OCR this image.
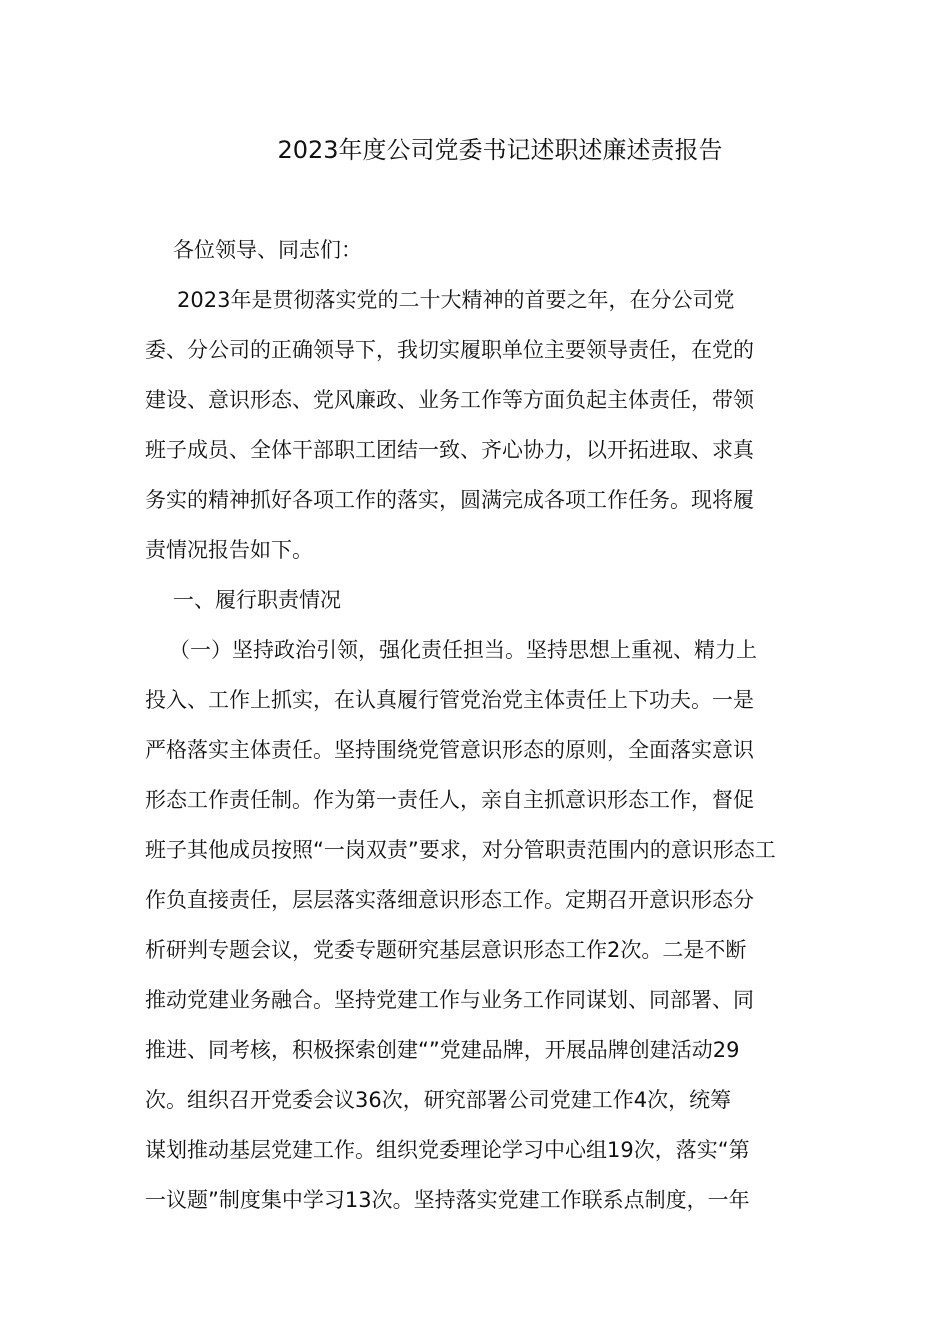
2023年度公司党委书记述职述廉述责报告
各位领导、同志们：
2023年是贯彻落实党的二十大精神的首要之年，在分公司党
委、分公司的正确领导下，我切实履职单位主要领导责任，在党的
建设、意识形态、党风廉政、业务工作等方面负起主体责任，带领
班子成员、全体干部职工团结一致、齐心协力，以开拓进取、求真
务实的精神抓好各项工作的落实，圆满完成各项工作任务。现将履
责情况报告如下。
一、履行职责情况
（一）坚持政治引领，强化责任担当。坚持思想上重视、精力上
投入、工作上抓实，在认真履行管党治党主体责任上下功夫。一是
严格落实主体责任。坚持围绕党管意识形态的原则，全面落实意识
形态工作责任制。作为第一责任人，亲自主抓意识形态工作，督促
班子其他成员按照“一岗双责”要求，对分管职责范围内的意识形态工
作负直接责任，层层落实落细意识形态工作。定期召开意识形态分
析研判专题会议，党委专题研究基层意识形态工作2次。二是不断
推动党建业务融合。坚持党建工作与业务工作同谋划、同部署、同
推进、同考核，积极探索创建“”党建品牌，开展品牌创建活动29
次。组织召开党委会议36次，研究部署公司党建工作4次，统筹
谋划推动基层党建工作。组织党委理论学习中心组19次，落实“第
一议题”制度集中学习13次。坚持落实党建工作联系点制度，一年
